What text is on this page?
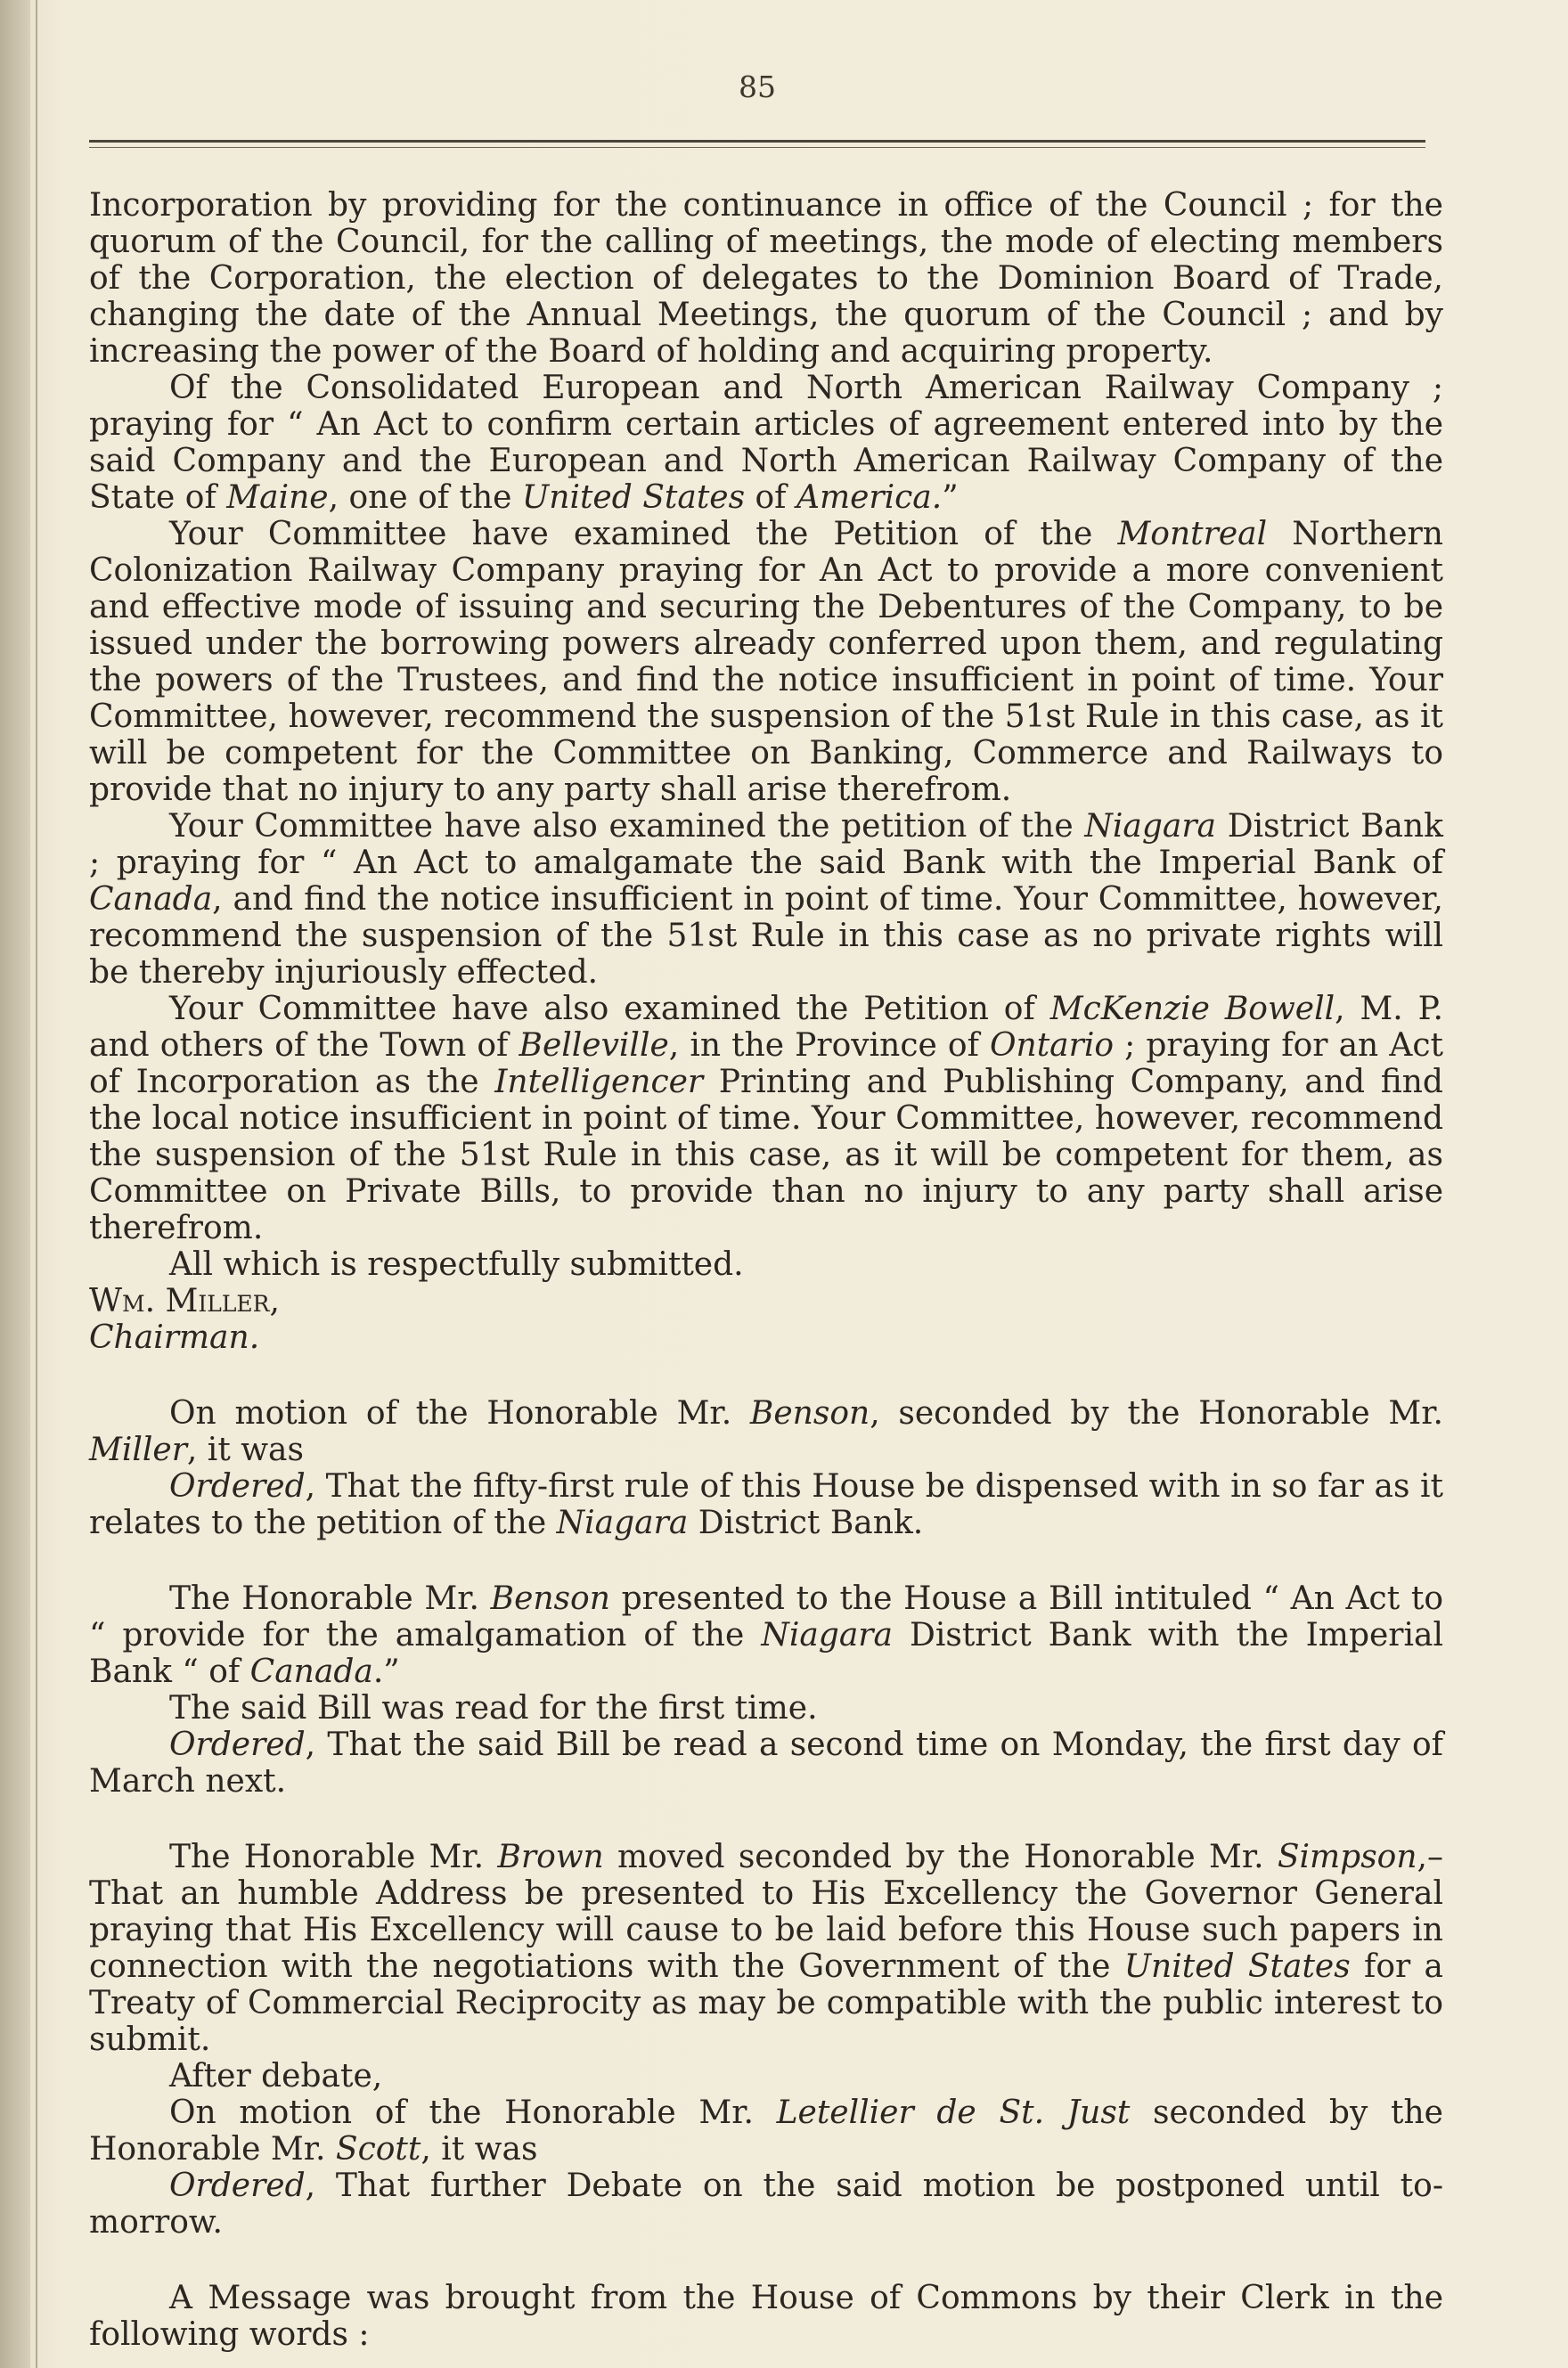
85

Incorporation by providing for the continuance in office of the Council ; for the quorum of the Council, for the calling of meetings, the mode of electing members of the Corporation, the election of delegates to the Dominion Board of Trade, changing the date of the Annual Meetings, the quorum of the Council ; and by increasing the power of the Board of holding and acquiring property.

Of the Consolidated European and North American Railway Company ; praying for “ An Act to confirm certain articles of agreement entered into by the said Company and the European and North American Railway Company of the State of Maine, one of the United States of America.”

Your Committee have examined the Petition of the Montreal Northern Colonization Railway Company praying for An Act to provide a more convenient and effective mode of issuing and securing the Debentures of the Company, to be issued under the borrowing powers already conferred upon them, and regulating the powers of the Trustees, and find the notice insufficient in point of time. Your Committee, however, recommend the suspension of the 51st Rule in this case, as it will be competent for the Committee on Banking, Commerce and Railways to provide that no injury to any party shall arise therefrom.

Your Committee have also examined the petition of the Niagara District Bank ; praying for “ An Act to amalgamate the said Bank with the Imperial Bank of Canada, and find the notice insufficient in point of time. Your Committee, however, recommend the suspension of the 51st Rule in this case as no private rights will be thereby injuriously effected.

Your Committee have also examined the Petition of McKenzie Bowell, M. P. and others of the Town of Belleville, in the Province of Ontario ; praying for an Act of Incorporation as the Intelligencer Printing and Publishing Company, and find the local notice insufficient in point of time. Your Committee, however, recommend the suspension of the 51st Rule in this case, as it will be competent for them, as Committee on Private Bills, to provide than no injury to any party shall arise therefrom.

All which is respectfully submitted.

Wm. Miller,

Chairman.

On motion of the Honorable Mr. Benson, seconded by the Honorable Mr. Miller, it was

Ordered, That the fifty-first rule of this House be dispensed with in so far as it relates to the petition of the Niagara District Bank.

The Honorable Mr. Benson presented to the House a Bill intituled “ An Act to “ provide for the amalgamation of the Niagara District Bank with the Imperial Bank “ of Canada.”

The said Bill was read for the first time.

Ordered, That the said Bill be read a second time on Monday, the first day of March next.

The Honorable Mr. Brown moved seconded by the Honorable Mr. Simpson,–That an humble Address be presented to His Excellency the Governor General praying that His Excellency will cause to be laid before this House such papers in connection with the negotiations with the Government of the United States for a Treaty of Commercial Reciprocity as may be compatible with the public interest to submit.

After debate,

On motion of the Honorable Mr. Letellier de St. Just seconded by the Honorable Mr. Scott, it was

Ordered, That further Debate on the said motion be postponed until to-morrow.

A Message was brought from the House of Commons by their Clerk in the following words :
